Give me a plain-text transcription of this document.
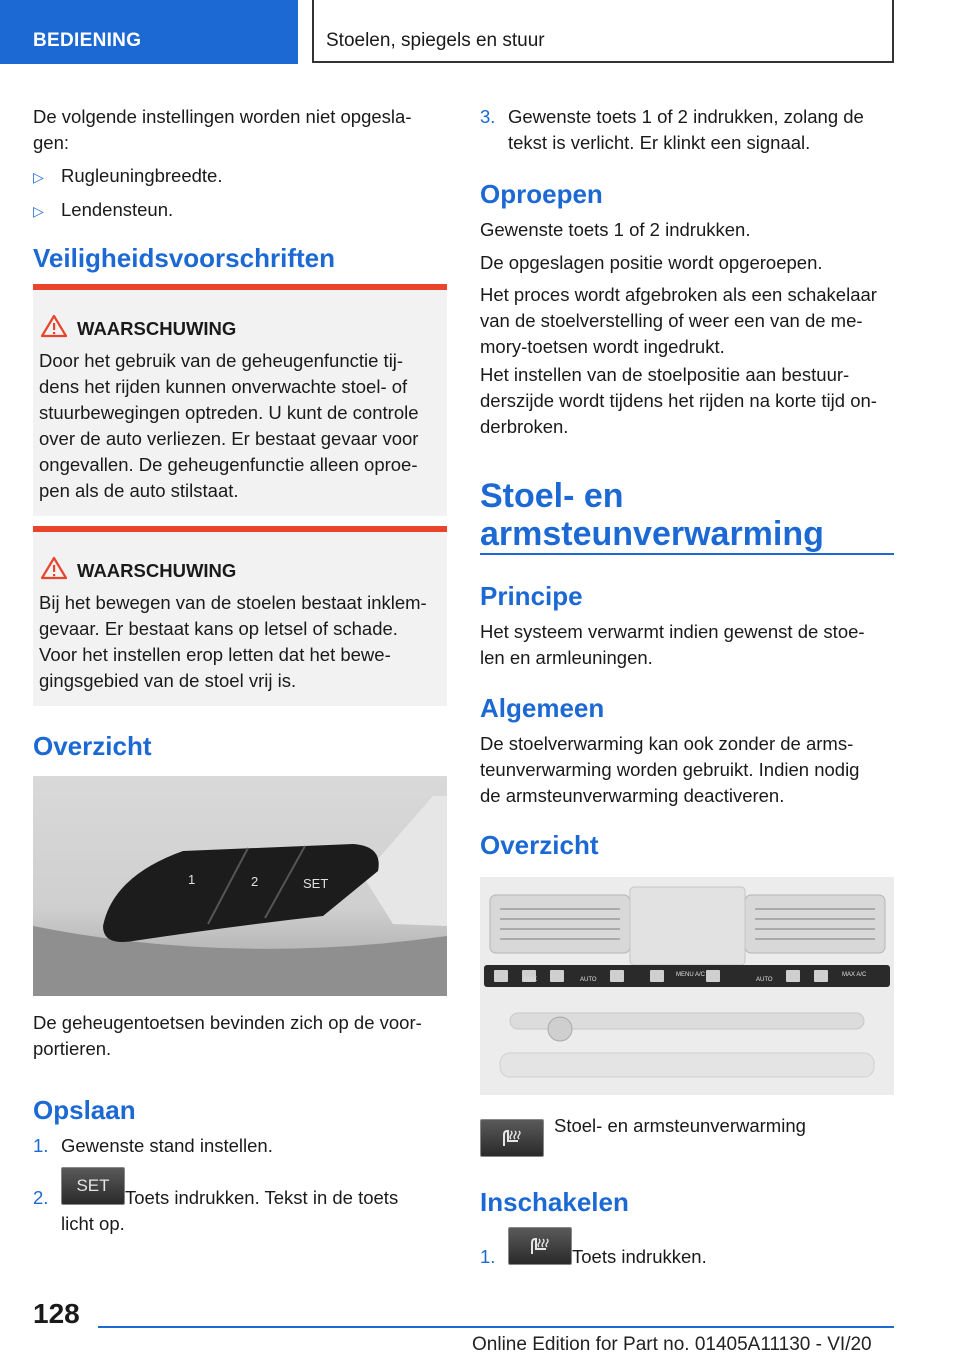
BEDIENING	Stoelen, spiegels en stuur

De volgende instellingen worden niet opgesla-
gen:

▷ Rugleuningbreedte.
▷ Lendensteun.
Veiligheidsvoorschriften
WAARSCHUWING

Door het gebruik van de geheugenfunctie tij-
dens het rijden kunnen onverwachte stoel- of
stuurbewegingen optreden. U kunt de controle
over de auto verliezen. Er bestaat gevaar voor
ongevallen. De geheugenfunctie alleen oproe-
pen als de auto stilstaat.

WAARSCHUWING

Bij het bewegen van de stoelen bestaat inklem-
gevaar. Er bestaat kans op letsel of schade.
Voor het instellen erop letten dat het bewe-
gingsgebied van de stoel vrij is.

Overzicht
1	2	SET

De geheugentoetsen bevinden zich op de voor-
portieren.

Opslaan
1. Gewenste stand instellen.
2.
SET

Toets indrukken. Tekst in de toets
licht op.

3. Gewenste toets 1 of 2 indrukken, zolang de
tekst is verlicht. Er klinkt een signaal.

Oproepen

Gewenste toets 1 of 2 indrukken.

De opgeslagen positie wordt opgeroepen.

Het proces wordt afgebroken als een schakelaar
van de stoelverstelling of weer een van de me-
mory-toetsen wordt ingedrukt.

Het instellen van de stoelpositie aan bestuur-
derszijde wordt tijdens het rijden na korte tijd on-
derbroken.

Stoel- en
armsteunverwarming
Principe

Het systeem verwarmt indien gewenst de stoe-
len en armleuningen.

Algemeen

De stoelverwarming kan ook zonder de arms-
teunverwarming worden gebruikt. Indien nodig
de armsteunverwarming deactiveren.

Overzicht
MAX	AUTO
MENU A/C
AUTO
MAX A/C

Stoel- en armsteunverwarming

Inschakelen
1.	Toets indrukken.

128
Online Edition for Part no. 01405A11130 - VI/20
